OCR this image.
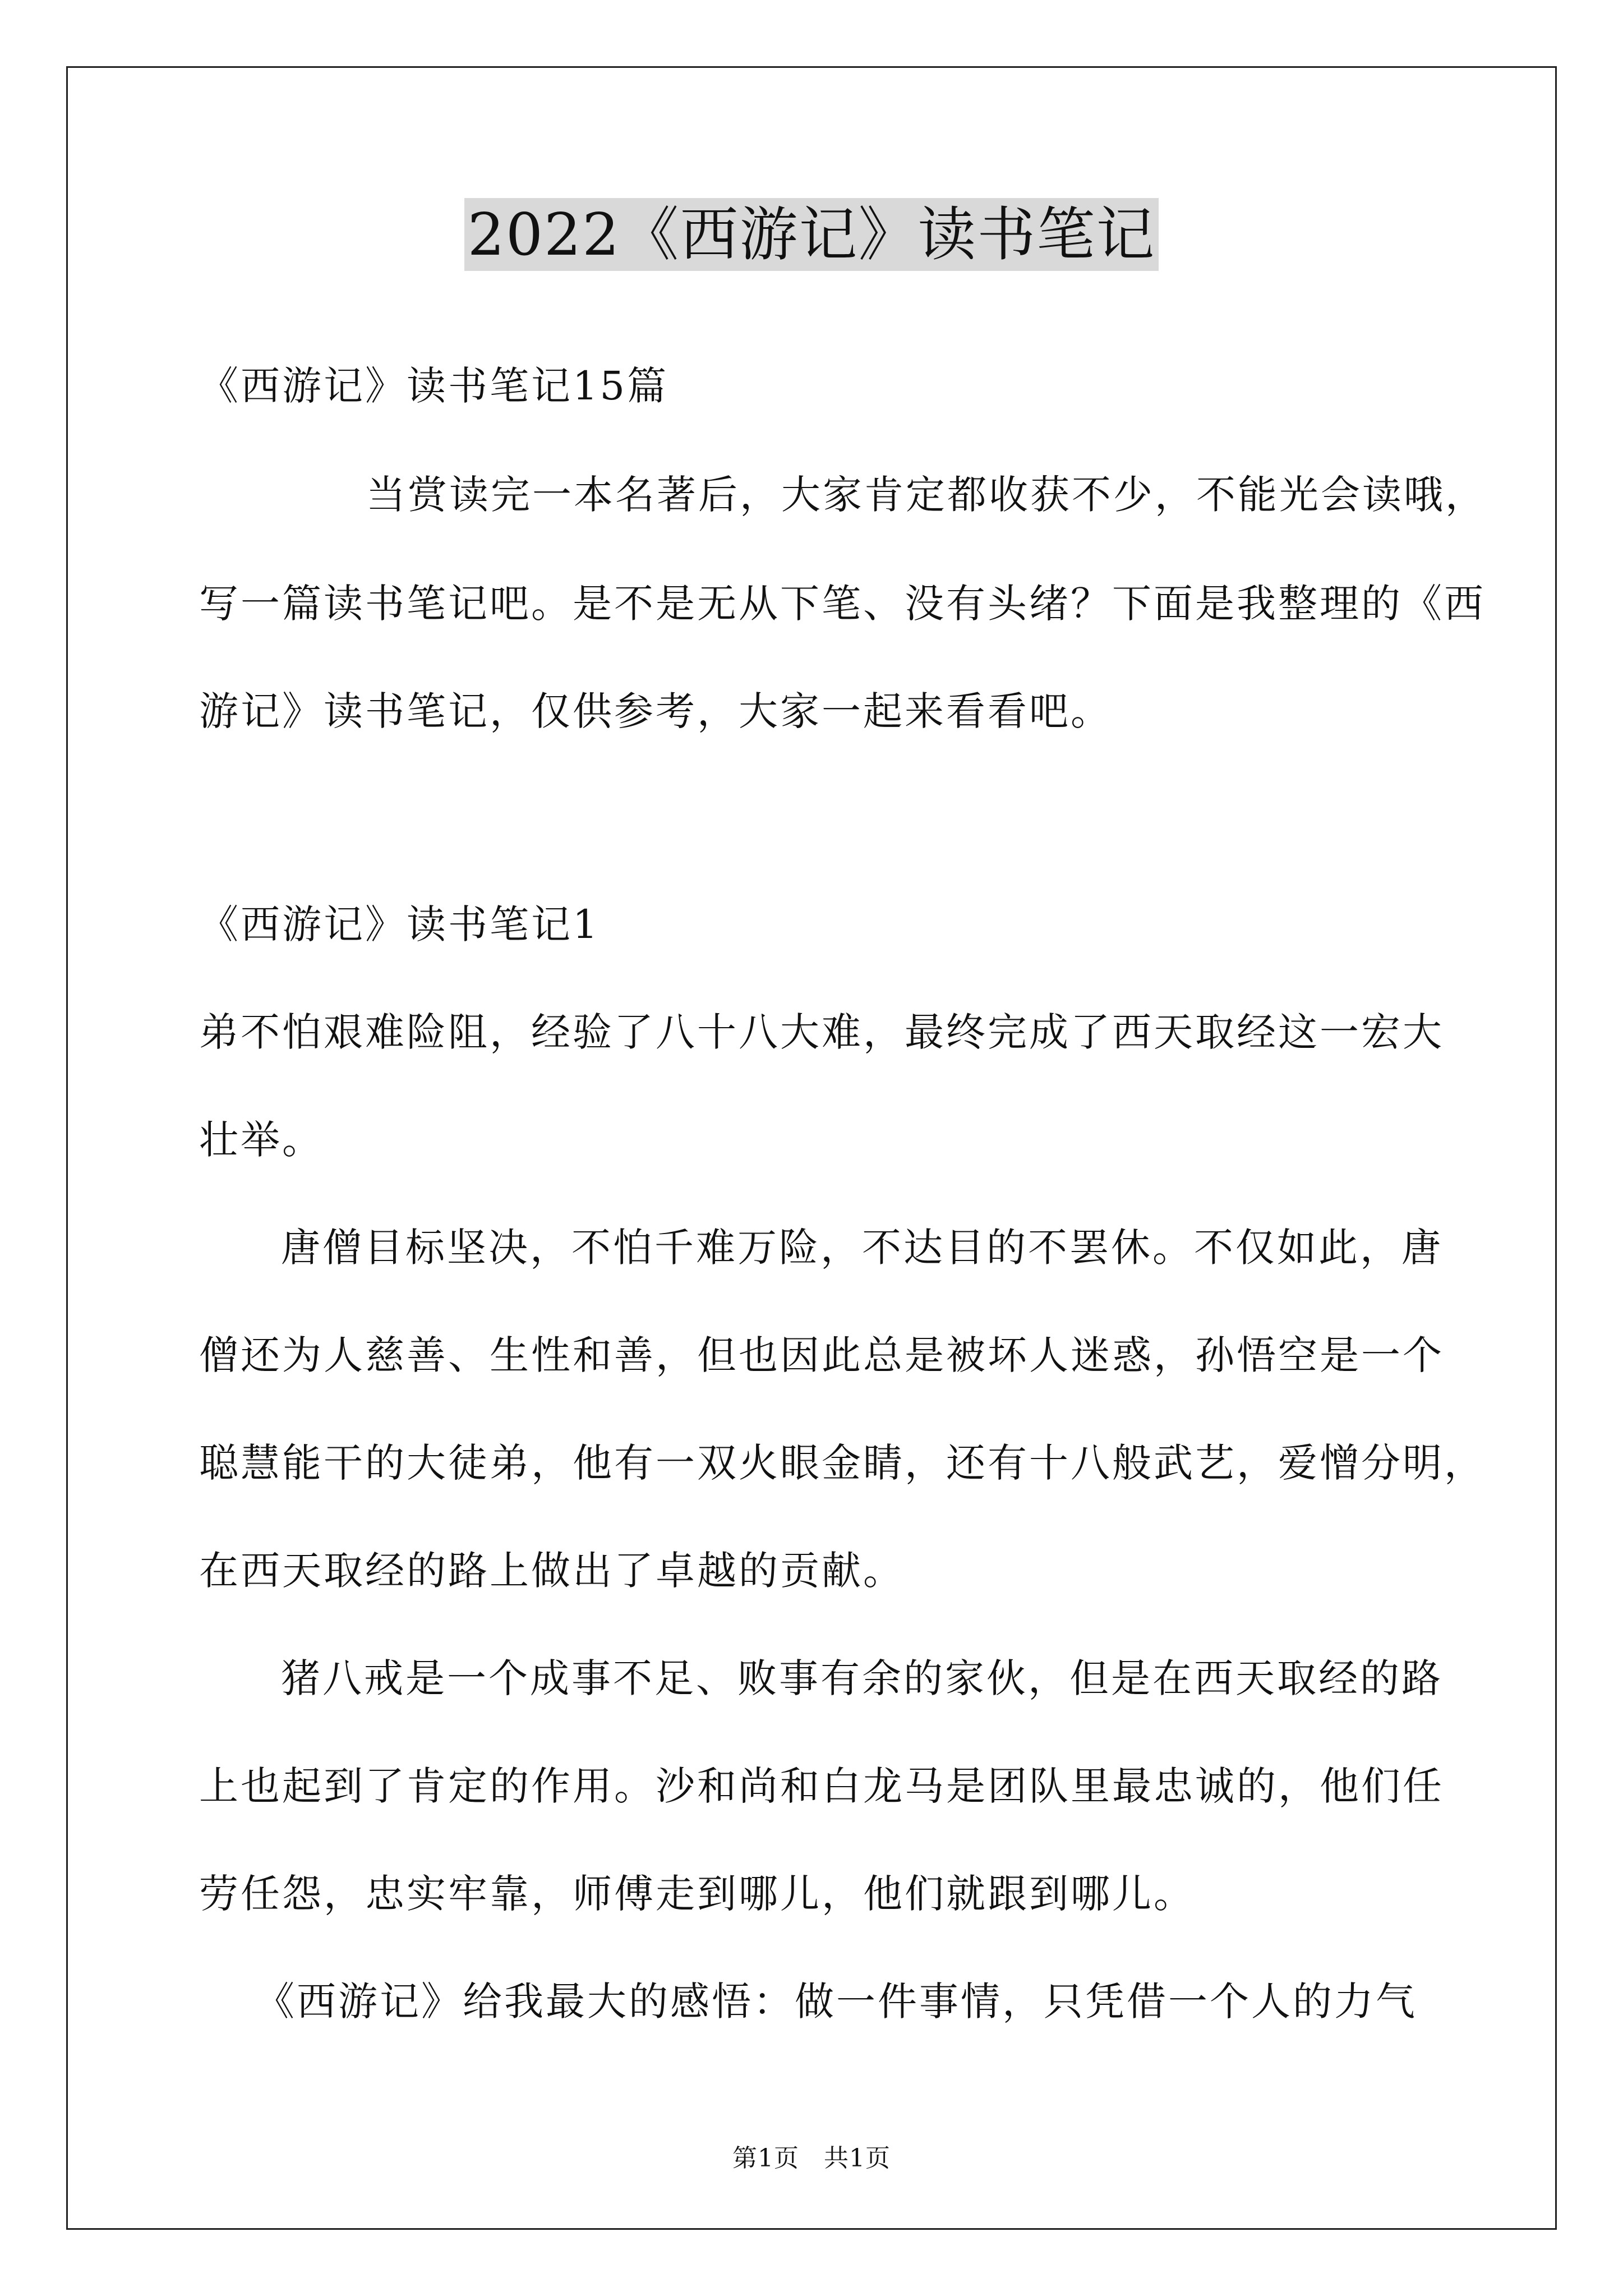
2022《西游记》读书笔记
《西游记》读书笔记15篇
当赏读完一本名著后，大家肯定都收获不少，不能光会读哦，
写一篇读书笔记吧。是不是无从下笔、没有头绪？下面是我整理的《西
游记》读书笔记，仅供参考，大家一起来看看吧。
《西游记》读书笔记1
弟不怕艰难险阻，经验了八十八大难，最终完成了西天取经这一宏大
壮举。
唐僧目标坚决，不怕千难万险，不达目的不罢休。不仅如此，唐
僧还为人慈善、生性和善，但也因此总是被坏人迷惑，孙悟空是一个
聪慧能干的大徒弟，他有一双火眼金睛，还有十八般武艺，爱憎分明，
在西天取经的路上做出了卓越的贡献。
猪八戒是一个成事不足、败事有余的家伙，但是在西天取经的路
上也起到了肯定的作用。沙和尚和白龙马是团队里最忠诚的，他们任
劳任怨，忠实牢靠，师傅走到哪儿，他们就跟到哪儿。
《西游记》给我最大的感悟：做一件事情，只凭借一个人的力气
第1页 共1页
